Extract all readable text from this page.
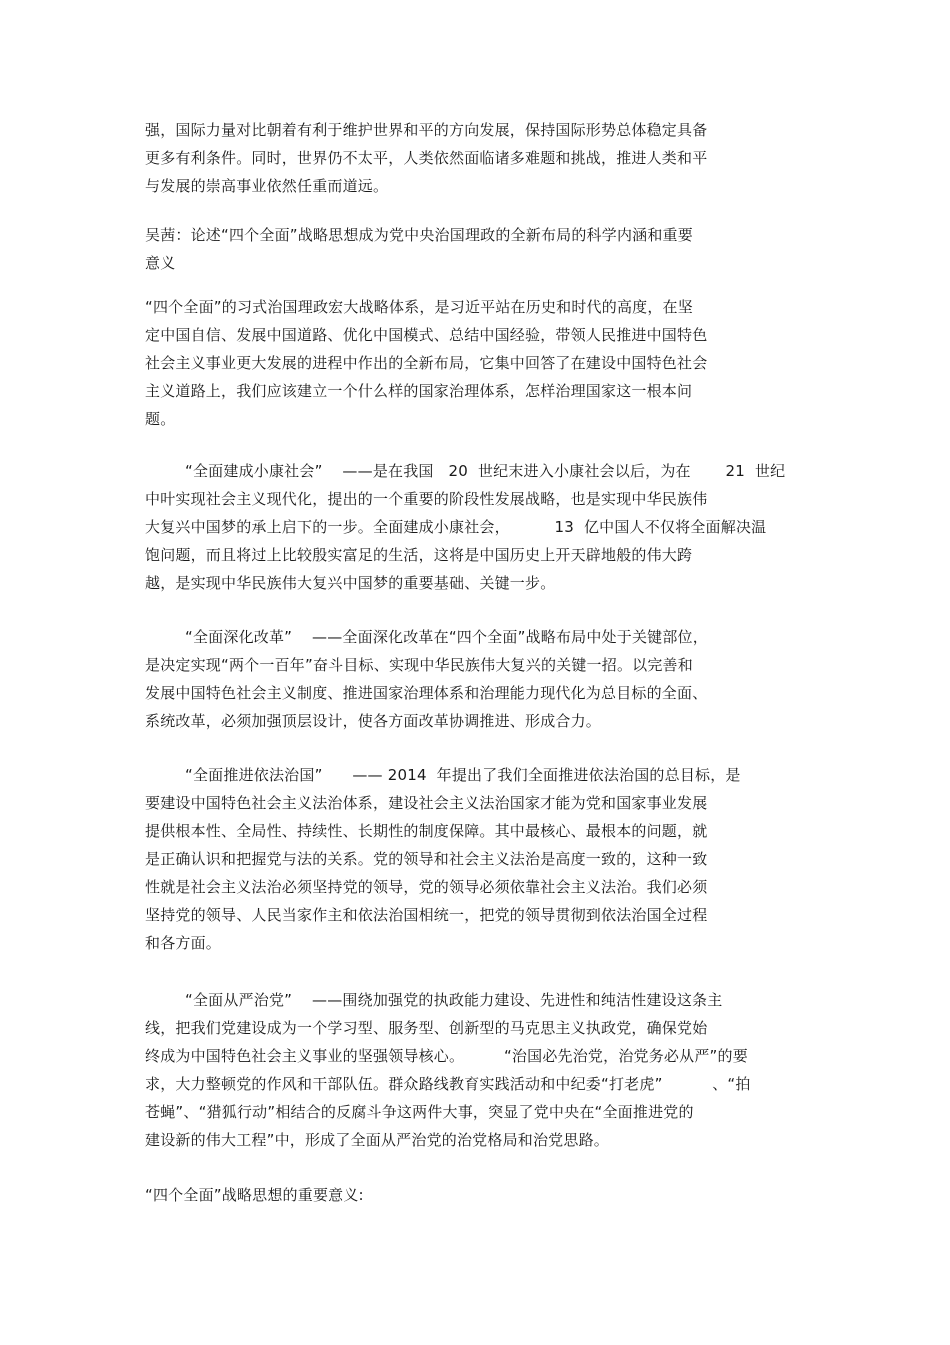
强，国际力量对比朝着有利于维护世界和平的方向发展，保持国际形势总体稳定具备
更多有利条件。同时，世界仍不太平，人类依然面临诸多难题和挑战，推进人类和平
与发展的崇高事业依然任重而道远。
吴茜：论述“四个全面”战略思想成为党中央治国理政的全新布局的科学内涵和重要
意义
“四个全面”的习式治国理政宏大战略体系，是习近平站在历史和时代的高度，在坚
定中国自信、发展中国道路、优化中国模式、总结中国经验，带领人民推进中国特色
社会主义事业更大发展的进程中作出的全新布局，它集中回答了在建设中国特色社会
主义道路上，我们应该建立一个什么样的国家治理体系，怎样治理国家这一根本问
题。
“全面建成小康社会”    ——是在我国   20  世纪末进入小康社会以后，为在       21  世纪
中叶实现社会主义现代化，提出的一个重要的阶段性发展战略，也是实现中华民族伟
大复兴中国梦的承上启下的一步。全面建成小康社会，         13  亿中国人不仅将全面解决温
饱问题，而且将过上比较殷实富足的生活，这将是中国历史上开天辟地般的伟大跨
越，是实现中华民族伟大复兴中国梦的重要基础、关键一步。
“全面深化改革”    ——全面深化改革在“四个全面”战略布局中处于关键部位，
是决定实现“两个一百年”奋斗目标、实现中华民族伟大复兴的关键一招。以完善和
发展中国特色社会主义制度、推进国家治理体系和治理能力现代化为总目标的全面、
系统改革，必须加强顶层设计，使各方面改革协调推进、形成合力。
“全面推进依法治国”      —— 2014  年提出了我们全面推进依法治国的总目标，是
要建设中国特色社会主义法治体系，建设社会主义法治国家才能为党和国家事业发展
提供根本性、全局性、持续性、长期性的制度保障。其中最核心、最根本的问题，就
是正确认识和把握党与法的关系。党的领导和社会主义法治是高度一致的，这种一致
性就是社会主义法治必须坚持党的领导，党的领导必须依靠社会主义法治。我们必须
坚持党的领导、人民当家作主和依法治国相统一，把党的领导贯彻到依法治国全过程
和各方面。
“全面从严治党”    ——围绕加强党的执政能力建设、先进性和纯洁性建设这条主
线，把我们党建设成为一个学习型、服务型、创新型的马克思主义执政党，确保党始
终成为中国特色社会主义事业的坚强领导核心。        “治国必先治党，治党务必从严”的要
求，大力整顿党的作风和干部队伍。群众路线教育实践活动和中纪委“打老虎”          、“拍
苍蝇”、“猎狐行动”相结合的反腐斗争这两件大事，突显了党中央在“全面推进党的
建设新的伟大工程”中，形成了全面从严治党的治党格局和治党思路。
“四个全面”战略思想的重要意义:
